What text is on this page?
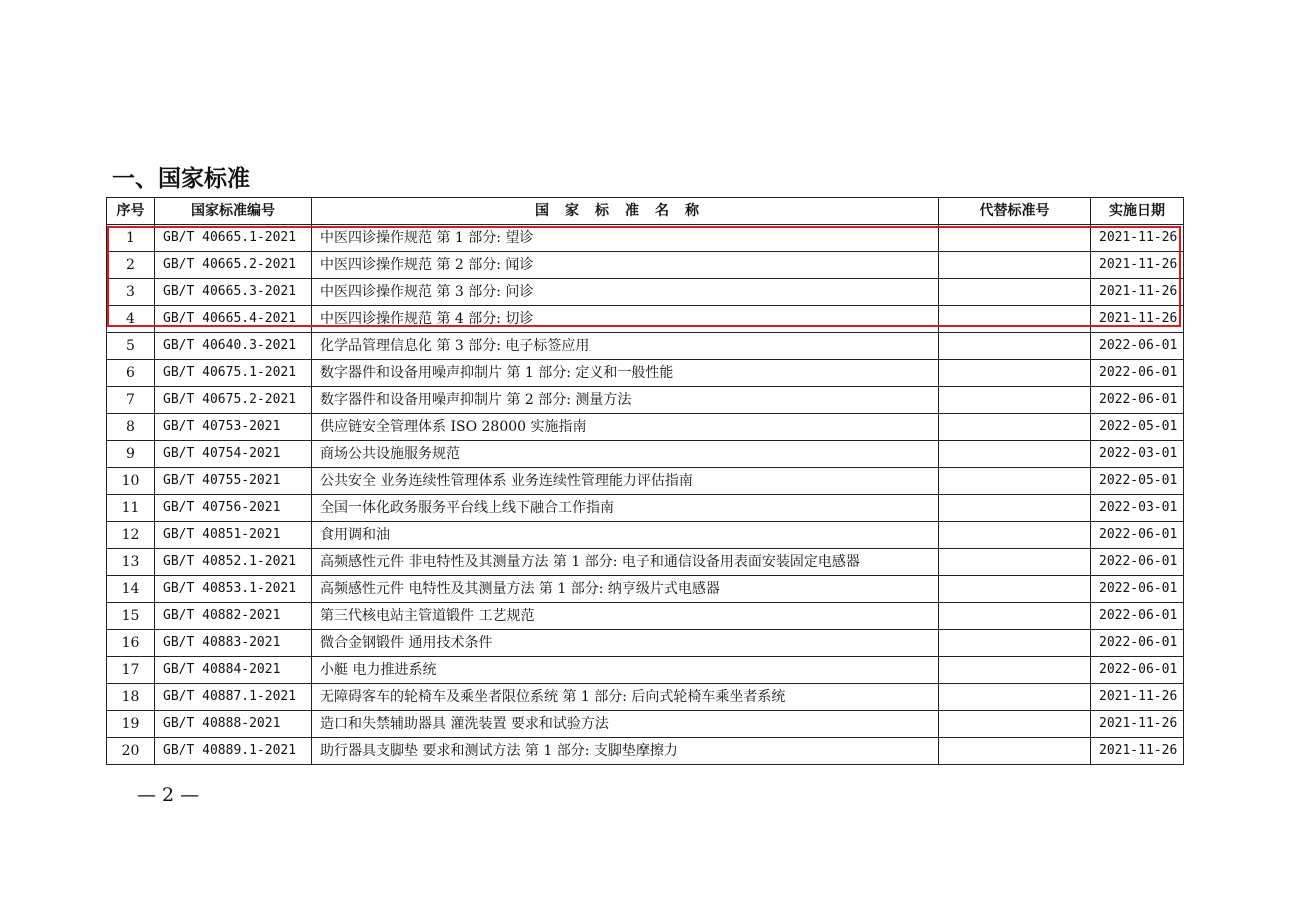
一、国家标准
序号	国家标准编号	国家标准名称	代替标准号	实施日期
1	GB/T 40665.1-2021	中医四诊操作规范 第 1 部分: 望诊		2021-11-26
2	GB/T 40665.2-2021	中医四诊操作规范 第 2 部分: 闻诊		2021-11-26
3	GB/T 40665.3-2021	中医四诊操作规范 第 3 部分: 问诊		2021-11-26
4	GB/T 40665.4-2021	中医四诊操作规范 第 4 部分: 切诊		2021-11-26
5	GB/T 40640.3-2021	化学品管理信息化 第 3 部分: 电子标签应用		2022-06-01
6	GB/T 40675.1-2021	数字器件和设备用噪声抑制片 第 1 部分: 定义和一般性能		2022-06-01
7	GB/T 40675.2-2021	数字器件和设备用噪声抑制片 第 2 部分: 测量方法		2022-06-01
8	GB/T 40753-2021	供应链安全管理体系 ISO 28000 实施指南		2022-05-01
9	GB/T 40754-2021	商场公共设施服务规范		2022-03-01
10	GB/T 40755-2021	公共安全 业务连续性管理体系 业务连续性管理能力评估指南		2022-05-01
11	GB/T 40756-2021	全国一体化政务服务平台线上线下融合工作指南		2022-03-01
12	GB/T 40851-2021	食用调和油		2022-06-01
13	GB/T 40852.1-2021	高频感性元件 非电特性及其测量方法 第 1 部分: 电子和通信设备用表面安装固定电感器		2022-06-01
14	GB/T 40853.1-2021	高频感性元件 电特性及其测量方法 第 1 部分: 纳亨级片式电感器		2022-06-01
15	GB/T 40882-2021	第三代核电站主管道锻件 工艺规范		2022-06-01
16	GB/T 40883-2021	微合金钢锻件 通用技术条件		2022-06-01
17	GB/T 40884-2021	小艇 电力推进系统		2022-06-01
18	GB/T 40887.1-2021	无障碍客车的轮椅车及乘坐者限位系统 第 1 部分: 后向式轮椅车乘坐者系统		2021-11-26
19	GB/T 40888-2021	造口和失禁辅助器具 灌洗装置 要求和试验方法		2021-11-26
20	GB/T 40889.1-2021	助行器具支脚垫 要求和测试方法 第 1 部分: 支脚垫摩擦力		2021-11-26
— 2 —
